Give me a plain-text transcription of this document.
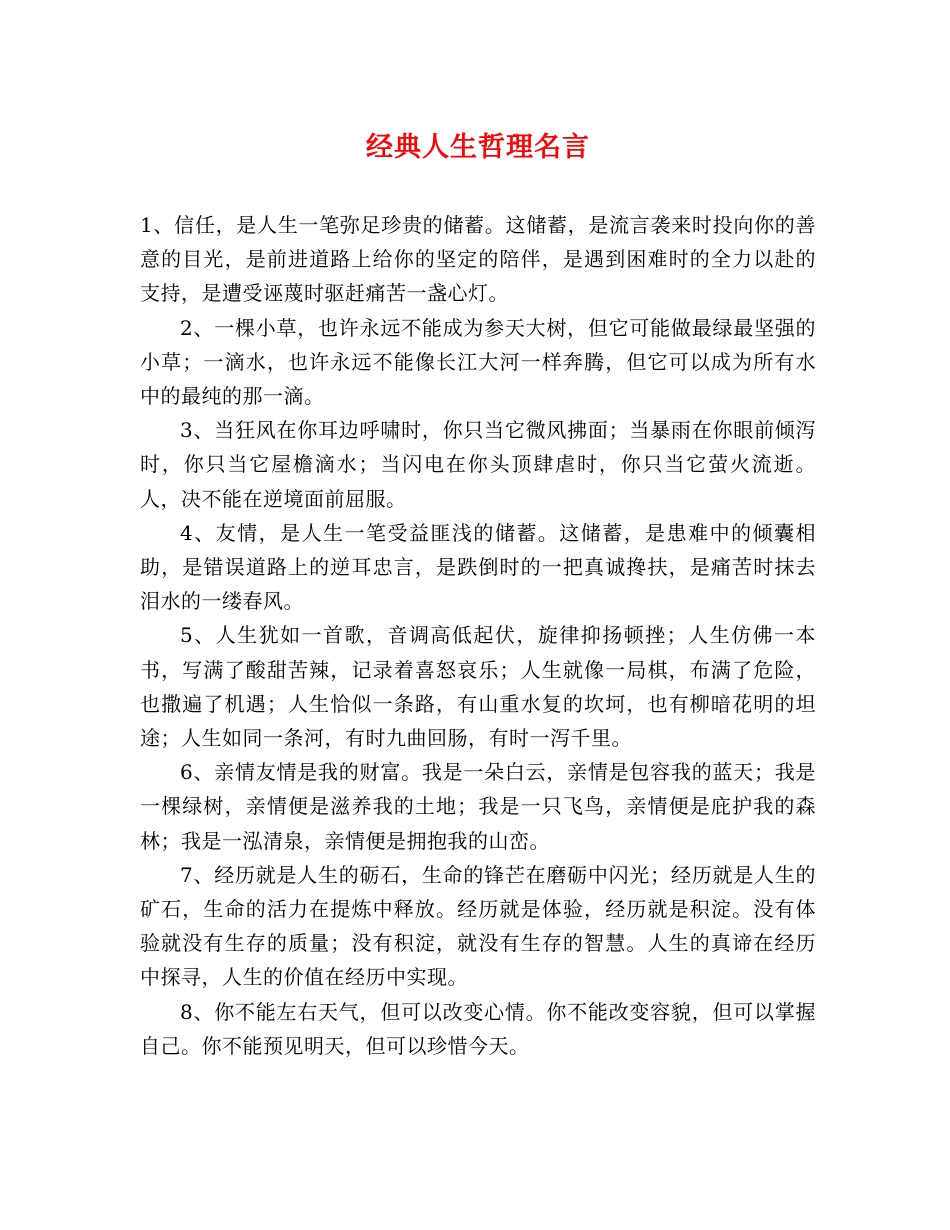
经典人生哲理名言

1、信任，是人生一笔弥足珍贵的储蓄。这储蓄，是流言袭来时投向你的善意的目光，是前进道路上给你的坚定的陪伴，是遇到困难时的全力以赴的支持，是遭受诬蔑时驱赶痛苦一盏心灯。

2、一棵小草，也许永远不能成为参天大树，但它可能做最绿最坚强的小草；一滴水，也许永远不能像长江大河一样奔腾，但它可以成为所有水中的最纯的那一滴。

3、当狂风在你耳边呼啸时，你只当它微风拂面；当暴雨在你眼前倾泻时，你只当它屋檐滴水；当闪电在你头顶肆虐时，你只当它萤火流逝。人，决不能在逆境面前屈服。

4、友情，是人生一笔受益匪浅的储蓄。这储蓄，是患难中的倾囊相助，是错误道路上的逆耳忠言，是跌倒时的一把真诚搀扶，是痛苦时抹去泪水的一缕春风。

5、人生犹如一首歌，音调高低起伏，旋律抑扬顿挫；人生仿佛一本书，写满了酸甜苦辣，记录着喜怒哀乐；人生就像一局棋，布满了危险，也撒遍了机遇；人生恰似一条路，有山重水复的坎坷，也有柳暗花明的坦途；人生如同一条河，有时九曲回肠，有时一泻千里。

6、亲情友情是我的财富。我是一朵白云，亲情是包容我的蓝天；我是一棵绿树，亲情便是滋养我的土地；我是一只飞鸟，亲情便是庇护我的森林；我是一泓清泉，亲情便是拥抱我的山峦。

7、经历就是人生的砺石，生命的锋芒在磨砺中闪光；经历就是人生的矿石，生命的活力在提炼中释放。经历就是体验，经历就是积淀。没有体验就没有生存的质量；没有积淀，就没有生存的智慧。人生的真谛在经历中探寻，人生的价值在经历中实现。

8、你不能左右天气，但可以改变心情。你不能改变容貌，但可以掌握自己。你不能预见明天，但可以珍惜今天。
